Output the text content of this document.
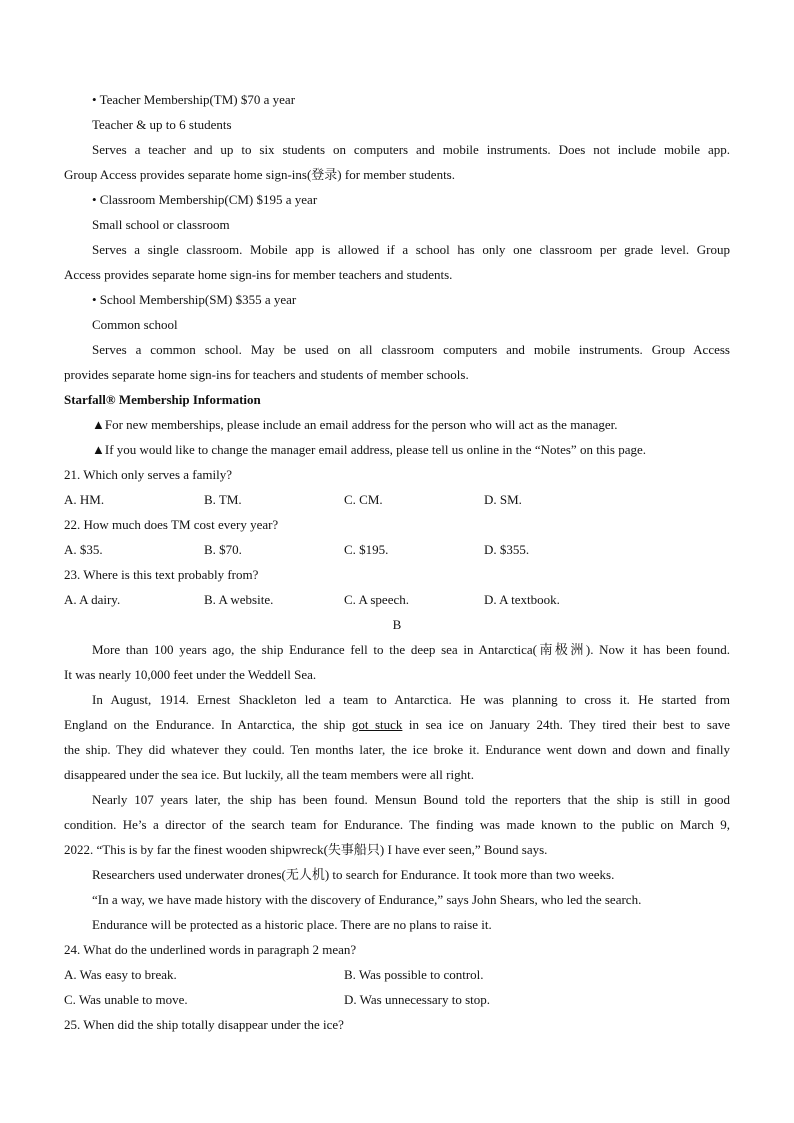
• Teacher Membership(TM) $70 a year
Teacher & up to 6 students
Serves a teacher and up to six students on computers and mobile instruments. Does not include mobile app.
Group Access provides separate home sign-ins(登录) for member students.
• Classroom Membership(CM) $195 a year
Small school or classroom
Serves a single classroom. Mobile app is allowed if a school has only one classroom per grade level. Group
Access provides separate home sign-ins for member teachers and students.
• School Membership(SM) $355 a year
Common school
Serves a common school. May be used on all classroom computers and mobile instruments. Group Access
provides separate home sign-ins for teachers and students of member schools.
Starfall® Membership Information
▲For new memberships, please include an email address for the person who will act as the manager.
▲If you would like to change the manager email address, please tell us online in the “Notes” on this page.
21. Which only serves a family?
A. HM.	B. TM.	C. CM.	D. SM.
22. How much does TM cost every year?
A. $35.	B. $70.	C. $195.	D. $355.
23. Where is this text probably from?
A. A dairy.	B. A website.	C. A speech.	D. A textbook.
B
More than 100 years ago, the ship Endurance fell to the deep sea in Antarctica(南极洲). Now it has been found.
It was nearly 10,000 feet under the Weddell Sea.
In August, 1914. Ernest Shackleton led a team to Antarctica. He was planning to cross it. He started from
England on the Endurance. In Antarctica, the ship got stuck in sea ice on January 24th. They tired their best to save
the ship. They did whatever they could. Ten months later, the ice broke it. Endurance went down and down and finally
disappeared under the sea ice. But luckily, all the team members were all right.
Nearly 107 years later, the ship has been found. Mensun Bound told the reporters that the ship is still in good
condition. He’s a director of the search team for Endurance. The finding was made known to the public on March 9,
2022. “This is by far the finest wooden shipwreck(失事船只) I have ever seen,” Bound says.
Researchers used underwater drones(无人机) to search for Endurance. It took more than two weeks.
“In a way, we have made history with the discovery of Endurance,” says John Shears, who led the search.
Endurance will be protected as a historic place. There are no plans to raise it.
24. What do the underlined words in paragraph 2 mean?
A. Was easy to break.	B. Was possible to control.
C. Was unable to move.	D. Was unnecessary to stop.
25. When did the ship totally disappear under the ice?
